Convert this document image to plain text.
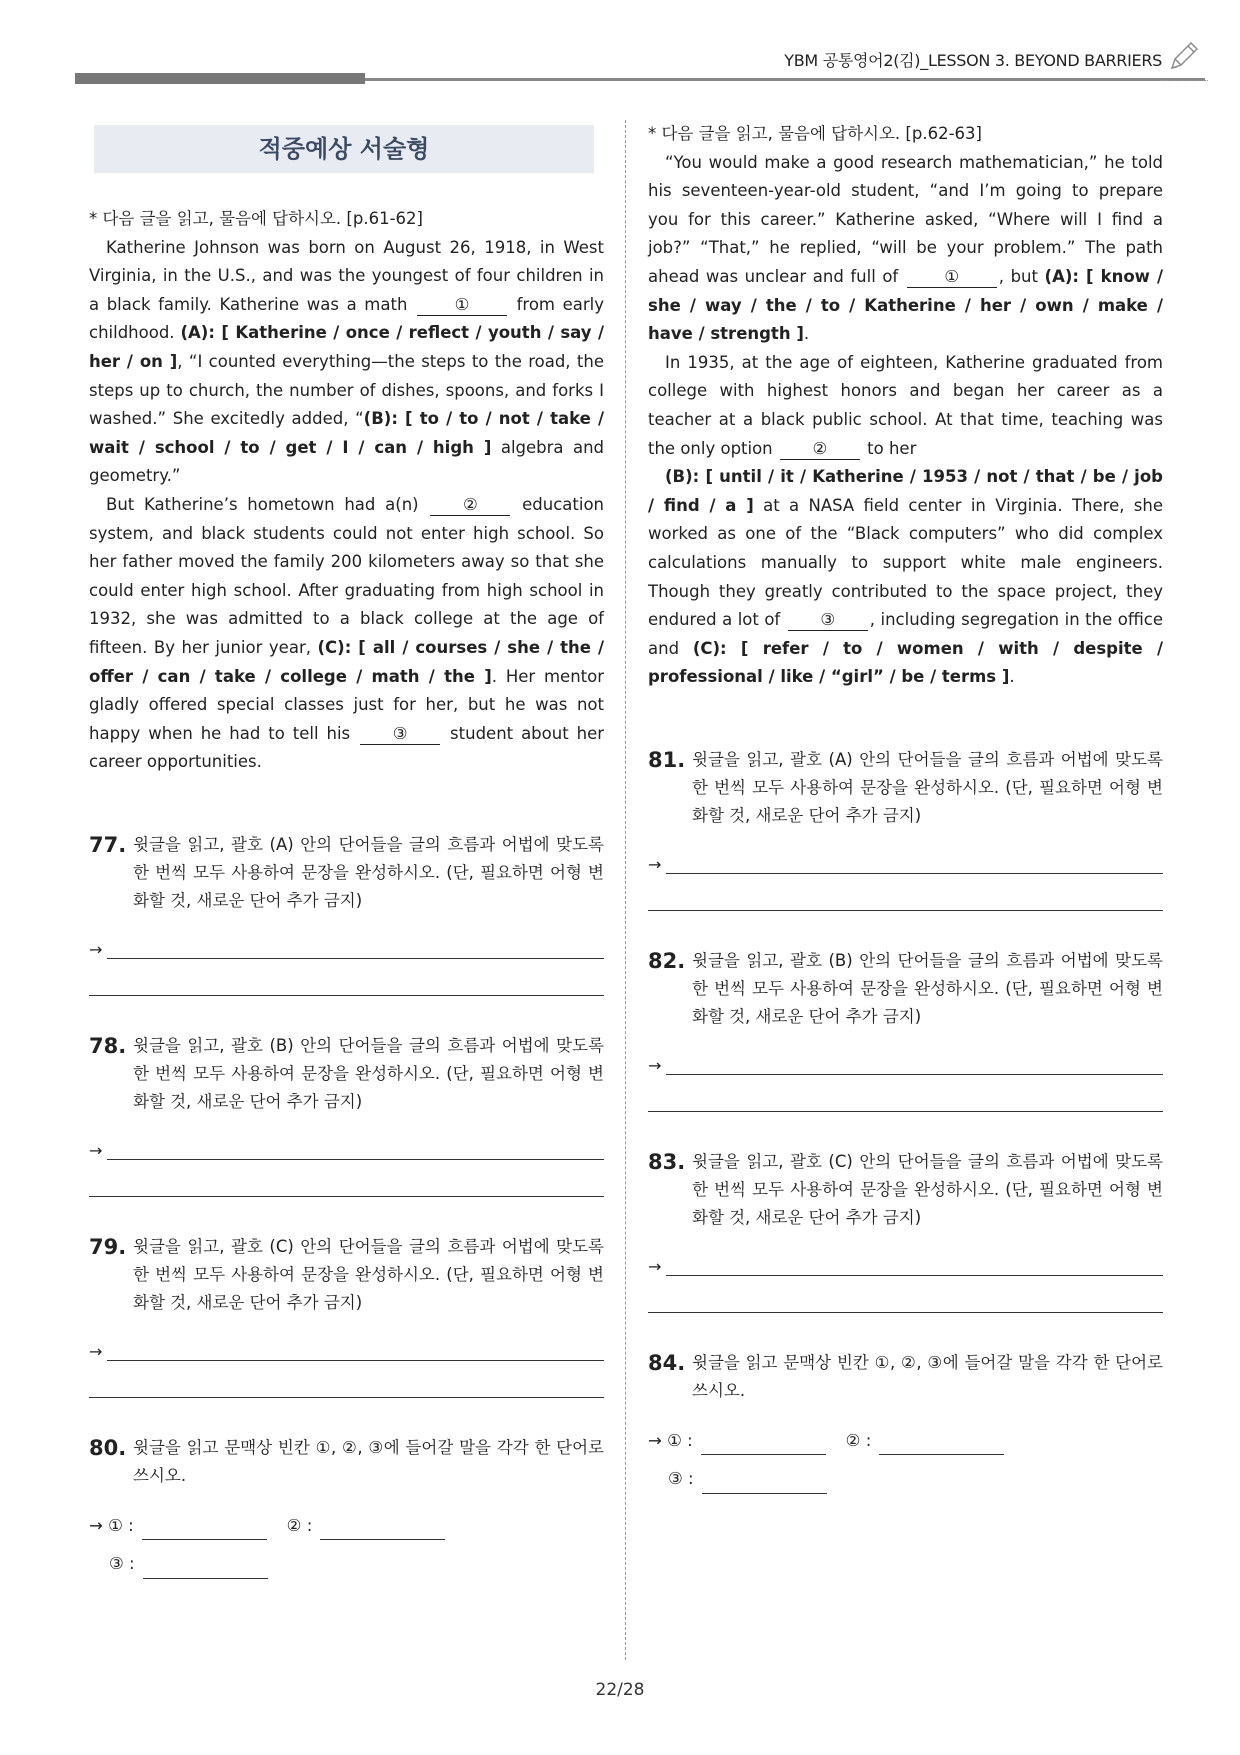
YBM 공통영어2(김)_LESSON 3. BEYOND BARRIERS
적중예상 서술형

* 다음 글을 읽고, 물음에 답하시오. [p.61-62]

Katherine Johnson was born on August 26, 1918, in West Virginia, in the U.S., and was the youngest of four children in a black family. Katherine was a math	①	from early childhood. (A): [ Katherine / once / reflect / youth / say / her / on ], “I counted everything—the steps to the road, the steps up to church, the number of dishes, spoons, and forks I washed.” She excitedly added, “(B): [ to / to / not / take / wait / school / to / get / I / can / high ] algebra and geometry.”

But Katherine’s hometown had a(n)	②	education system, and black students could not enter high school. So her father moved the family 200 kilometers away so that she could enter high school. After graduating from high school in 1932, she was admitted to a black college at the age of fifteen. By her junior year, (C): [ all / courses / she / the / offer / can / take / college / math / the ]. Her mentor gladly offered special classes just for her, but he was not happy when he had to tell his	③	student about her career opportunities.

77. 윗글을 읽고, 괄호 (A) 안의 단어들을 글의 흐름과 어법에 맞도록 한 번씩 모두 사용하여 문장을 완성하시오. (단, 필요하면 어형 변화할 것, 새로운 단어 추가 금지)
→
78. 윗글을 읽고, 괄호 (B) 안의 단어들을 글의 흐름과 어법에 맞도록 한 번씩 모두 사용하여 문장을 완성하시오. (단, 필요하면 어형 변화할 것, 새로운 단어 추가 금지)
→
79. 윗글을 읽고, 괄호 (C) 안의 단어들을 글의 흐름과 어법에 맞도록 한 번씩 모두 사용하여 문장을 완성하시오. (단, 필요하면 어형 변화할 것, 새로운 단어 추가 금지)
→
80. 윗글을 읽고 문맥상 빈칸 ①, ②, ③에 들어갈 말을 각각 한 단어로 쓰시오.
→ ① :	② :
③ :

* 다음 글을 읽고, 물음에 답하시오. [p.62-63]

“You would make a good research mathematician,” he told his seventeen-year-old student, “and I’m going to prepare you for this career.” Katherine asked, “Where will I find a job?” “That,” he replied, “will be your problem.” The path ahead was unclear and full of	① , but (A): [ know / she / way / the / to / Katherine / her / own / make / have / strength ].

In 1935, at the age of eighteen, Katherine graduated from college with highest honors and began her career as a teacher at a black public school. At that time, teaching was the only option ② to her

(B): [ until / it / Katherine / 1953 / not / that / be / job / find / a ] at a NASA field center in Virginia. There, she worked as one of the “Black computers” who did complex calculations manually to support white male engineers. Though they greatly contributed to the space project, they endured a lot of ③ , including segregation in the office and (C): [ refer / to / women / with / despite / professional / like / “girl” / be / terms ].

81. 윗글을 읽고, 괄호 (A) 안의 단어들을 글의 흐름과 어법에 맞도록 한 번씩 모두 사용하여 문장을 완성하시오. (단, 필요하면 어형 변화할 것, 새로운 단어 추가 금지)
→
82. 윗글을 읽고, 괄호 (B) 안의 단어들을 글의 흐름과 어법에 맞도록 한 번씩 모두 사용하여 문장을 완성하시오. (단, 필요하면 어형 변화할 것, 새로운 단어 추가 금지)
→
83. 윗글을 읽고, 괄호 (C) 안의 단어들을 글의 흐름과 어법에 맞도록 한 번씩 모두 사용하여 문장을 완성하시오. (단, 필요하면 어형 변화할 것, 새로운 단어 추가 금지)
→
84. 윗글을 읽고 문맥상 빈칸 ①, ②, ③에 들어갈 말을 각각 한 단어로 쓰시오.
→ ① :	② :
③ :
22/28
